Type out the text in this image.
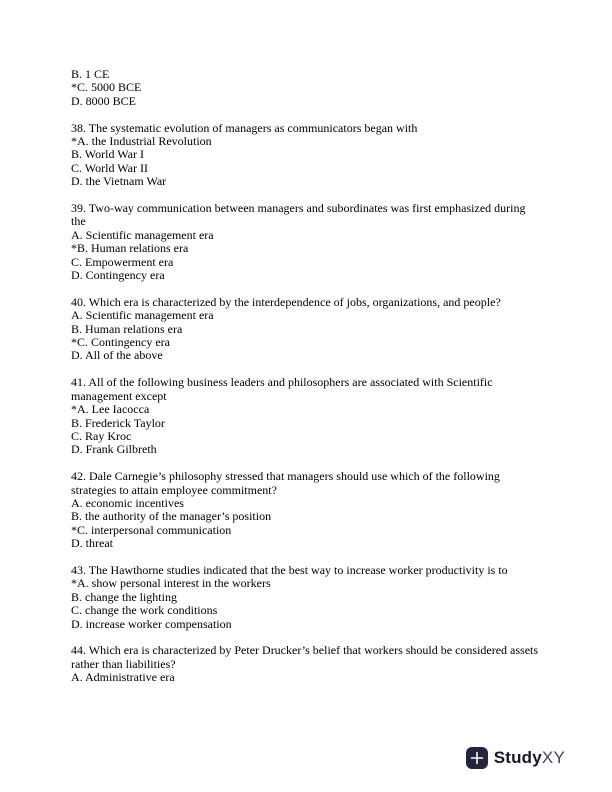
B. 1 CE
*C. 5000 BCE
D. 8000 BCE
38. The systematic evolution of managers as communicators began with
*A. the Industrial Revolution
B. World War I
C. World War II
D. the Vietnam War
39. Two-way communication between managers and subordinates was first emphasized during the
A. Scientific management era
*B. Human relations era
C. Empowerment era
D. Contingency era
40. Which era is characterized by the interdependence of jobs, organizations, and people?
A. Scientific management era
B. Human relations era
*C. Contingency era
D. All of the above
41. All of the following business leaders and philosophers are associated with Scientific management except
*A. Lee Iacocca
B. Frederick Taylor
C. Ray Kroc
D. Frank Gilbreth
42. Dale Carnegie’s philosophy stressed that managers should use which of the following strategies to attain employee commitment?
A. economic incentives
B. the authority of the manager’s position
*C. interpersonal communication
D. threat
43. The Hawthorne studies indicated that the best way to increase worker productivity is to
*A. show personal interest in the workers
B. change the lighting
C. change the work conditions
D. increase worker compensation
44. Which era is characterized by Peter Drucker’s belief that workers should be considered assets rather than liabilities?
A. Administrative era
Study XY
